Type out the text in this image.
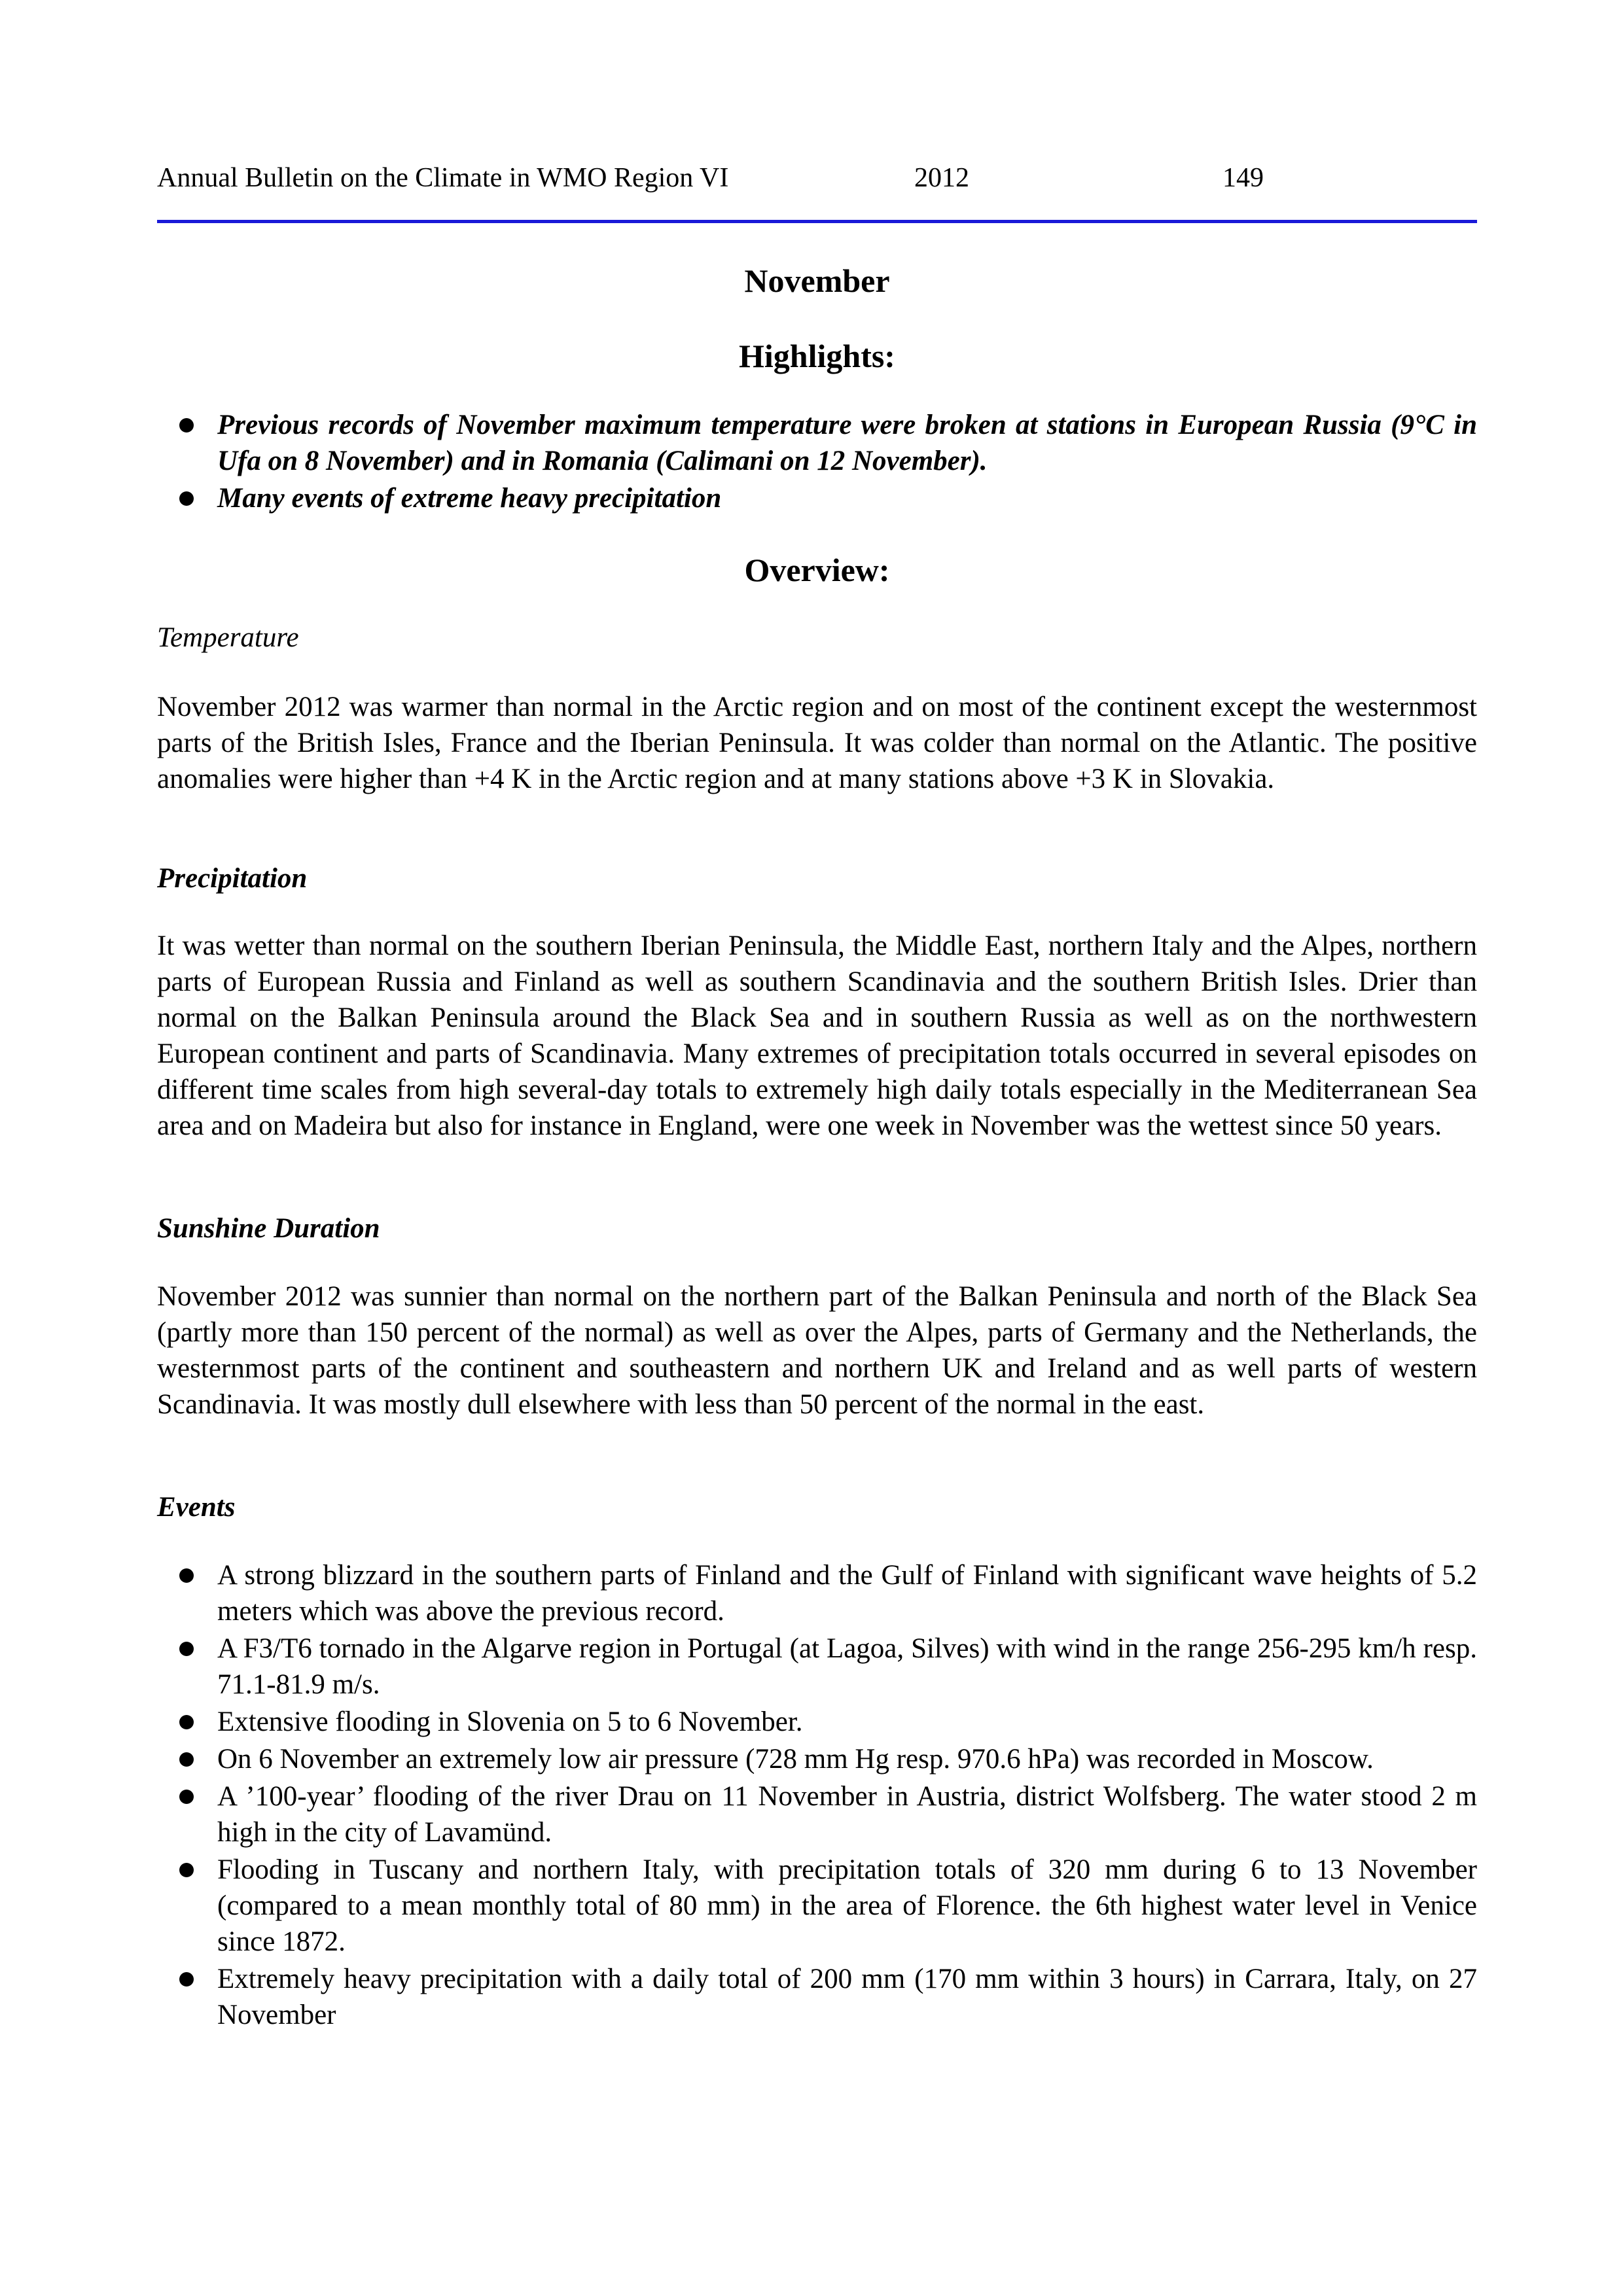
Annual Bulletin on the Climate in WMO Region VI	2012	149
November
Highlights:
Previous records of November maximum temperature were broken at stations in European Russia (9°C in Ufa on 8 November) and in Romania (Calimani on 12 November).
Many events of extreme heavy precipitation
Overview:
Temperature
November 2012 was warmer than normal in the Arctic region and on most of the continent except the westernmost parts of the British Isles, France and the Iberian Peninsula. It was colder than normal on the Atlantic. The positive anomalies were higher than +4 K in the Arctic region and at many stations above +3 K in Slovakia.
Precipitation
It was wetter than normal on the southern Iberian Peninsula, the Middle East, northern Italy and the Alpes, northern parts of European Russia and Finland as well as southern Scandinavia and the southern British Isles. Drier than normal on the Balkan Peninsula around the Black Sea and in southern Russia as well as on the northwestern European continent and parts of Scandinavia. Many extremes of precipitation totals occurred in several episodes on different time scales from high several-day totals to extremely high daily totals especially in the Mediterranean Sea area and on Madeira but also for instance in England, were one week in November was the wettest since 50 years.
Sunshine Duration
November 2012 was sunnier than normal on the northern part of the Balkan Peninsula and north of the Black Sea (partly more than 150 percent of the normal) as well as over the Alpes, parts of Germany and the Netherlands, the westernmost parts of the continent and southeastern and northern UK and Ireland and as well parts of western Scandinavia. It was mostly dull elsewhere with less than 50 percent of the normal in the east.
Events
A strong blizzard in the southern parts of Finland and the Gulf of Finland with significant wave heights of 5.2 meters which was above the previous record.
A F3/T6 tornado in the Algarve region in Portugal (at Lagoa, Silves) with wind in the range 256-295 km/h resp. 71.1-81.9 m/s.
Extensive flooding in Slovenia on 5 to 6 November.
On 6 November an extremely low air pressure (728 mm Hg resp. 970.6 hPa) was recorded in Moscow.
A ’100-year’ flooding of the river Drau on 11 November in Austria, district Wolfsberg. The water stood 2 m high in the city of Lavamünd.
Flooding in Tuscany and northern Italy, with precipitation totals of 320 mm during 6 to 13 November (compared to a mean monthly total of 80 mm) in the area of Florence. the 6th highest water level in Venice since 1872.
Extremely heavy precipitation with a daily total of 200 mm (170 mm within 3 hours) in Carrara, Italy, on 27 November
